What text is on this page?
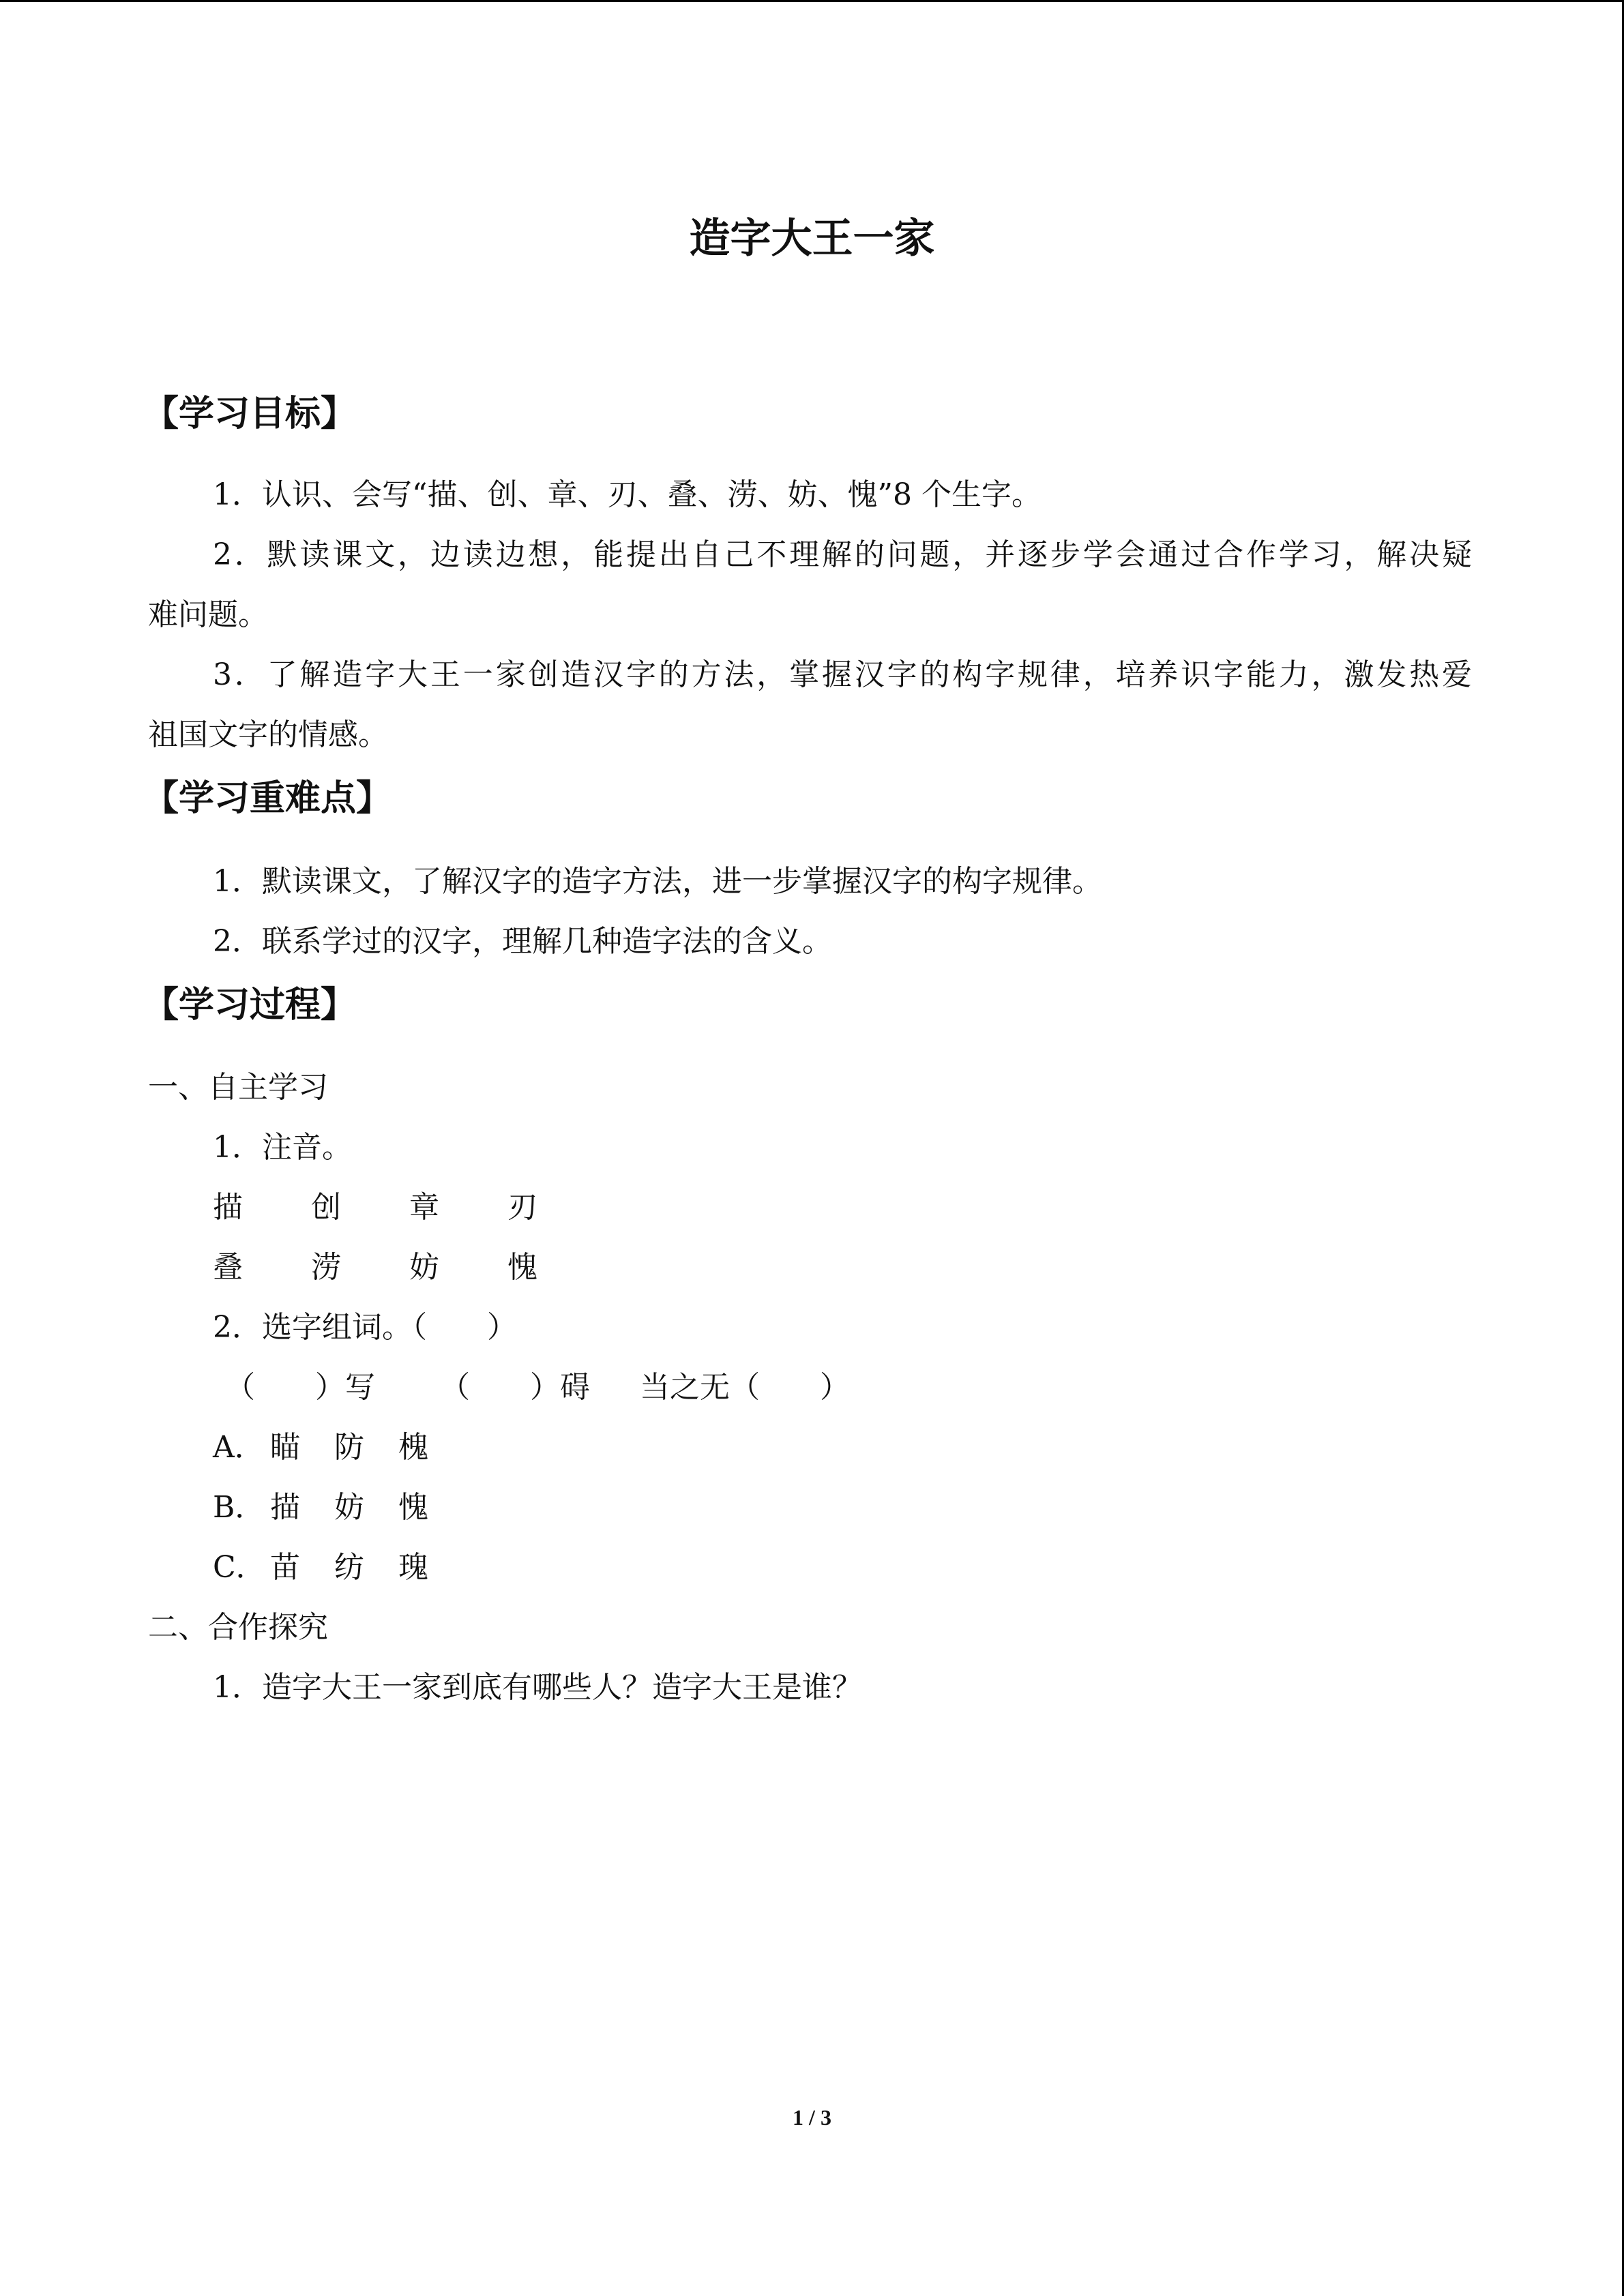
造字大王一家
【学习目标】
1．认识、会写“描、创、章、刃、叠、涝、妨、愧”8 个生字。
2．默读课文，边读边想，能提出自己不理解的问题，并逐步学会通过合作学习，解决疑
难问题。
3．了解造字大王一家创造汉字的方法，掌握汉字的构字规律，培养识字能力，激发热爱
祖国文字的情感。
【学习重难点】
1．默读课文，了解汉字的造字方法，进一步掌握汉字的构字规律。
2．联系学过的汉字，理解几种造字法的含义。
【学习过程】
一、自主学习
1．注音。
描 创 章 刃
叠 涝 妨 愧
2．选字组词。（　　）
（　　）写 （　　）碍 当之无（　　）
A． 瞄 防 槐
B． 描 妨 愧
C． 苗 纺 瑰
二、合作探究
1．造字大王一家到底有哪些人？造字大王是谁？
1 / 3
